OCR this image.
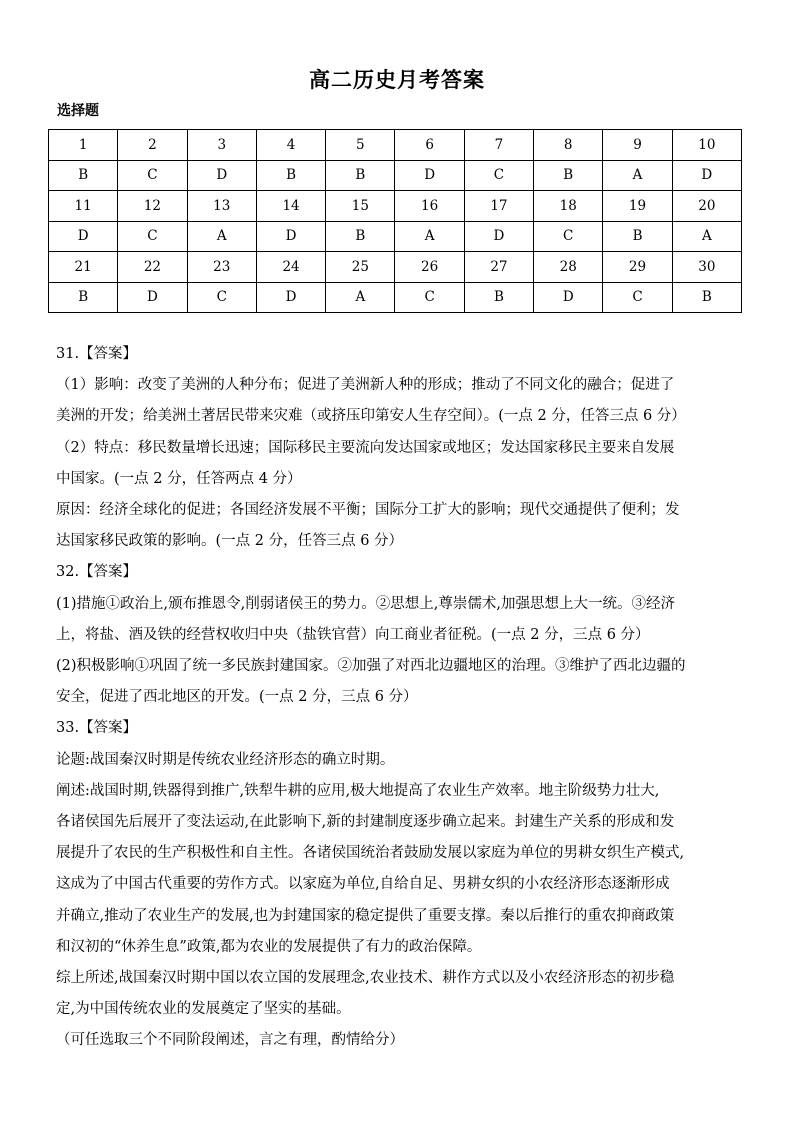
高二历史月考答案
选择题
1	2	3	4	5	6	7	8	9	10
B	C	D	B	B	D	C	B	A	D
11	12	13	14	15	16	17	18	19	20
D	C	A	D	B	A	D	C	B	A
21	22	23	24	25	26	27	28	29	30
B	D	C	D	A	C	B	D	C	B

31.【答案】

（1）影响：改变了美洲的人种分布；促进了美洲新人种的形成；推动了不同文化的融合；促进了

美洲的开发；给美洲土著居民带来灾难（或挤压印第安人生存空间）。(一点 2 分，任答三点 6 分）

（2）特点：移民数量增长迅速；国际移民主要流向发达国家或地区；发达国家移民主要来自发展

中国家。(一点 2 分，任答两点 4 分）

原因：经济全球化的促进；各国经济发展不平衡；国际分工扩大的影响；现代交通提供了便利；发

达国家移民政策的影响。(一点 2 分，任答三点 6 分）

32.【答案】

(1)措施①政治上,颁布推恩令,削弱诸侯王的势力。②思想上,尊崇儒术,加强思想上大一统。③经济

上，将盐、酒及铁的经营权收归中央（盐铁官营）向工商业者征税。(一点 2 分，三点 6 分）

(2)积极影响①巩固了统一多民族封建国家。②加强了对西北边疆地区的治理。③维护了西北边疆的

安全，促进了西北地区的开发。(一点 2 分，三点 6 分）

33.【答案】

论题:战国秦汉时期是传统农业经济形态的确立时期。

阐述:战国时期,铁器得到推广,铁犁牛耕的应用,极大地提高了农业生产效率。地主阶级势力壮大,

各诸侯国先后展开了变法运动,在此影响下,新的封建制度逐步确立起来。封建生产关系的形成和发

展提升了农民的生产积极性和自主性。各诸侯国统治者鼓励发展以家庭为单位的男耕女织生产模式,

这成为了中国古代重要的劳作方式。以家庭为单位,自给自足、男耕女织的小农经济形态逐渐形成

并确立,推动了农业生产的发展,也为封建国家的稳定提供了重要支撑。秦以后推行的重农抑商政策

和汉初的“休养生息”政策,都为农业的发展提供了有力的政治保障。

综上所述,战国秦汉时期中国以农立国的发展理念,农业技术、耕作方式以及小农经济形态的初步稳

定,为中国传统农业的发展奠定了坚实的基础。

（可任选取三个不同阶段阐述，言之有理，酌情给分）
